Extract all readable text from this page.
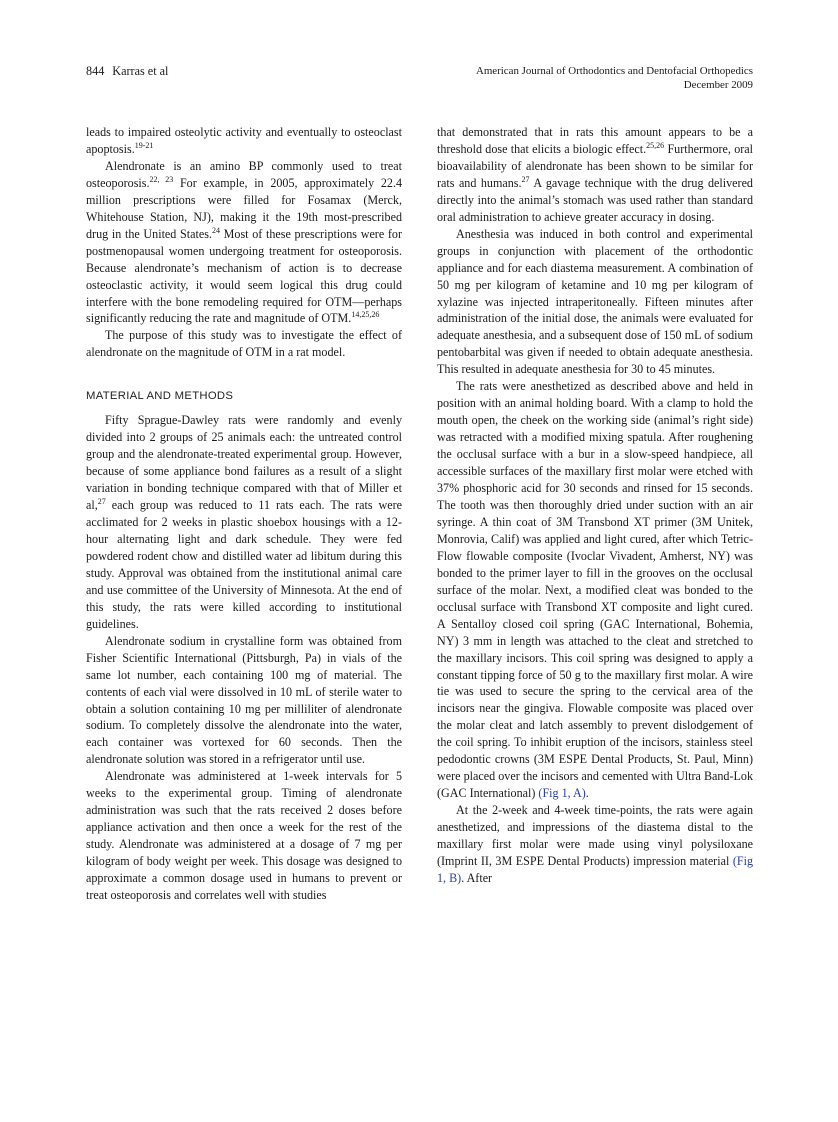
844 Karras et al	American Journal of Orthodontics and Dentofacial Orthopedics
December 2009

leads to impaired osteolytic activity and eventually to osteoclast apoptosis.$^{19-21}$

Alendronate is an amino BP commonly used to treat osteoporosis.$^{22, 23}$ For example, in 2005, approximately 22.4 million prescriptions were filled for Fosamax (Merck, Whitehouse Station, NJ), making it the 19th most-prescribed drug in the United States.$^{24}$ Most of these prescriptions were for postmenopausal women undergoing treatment for osteoporosis. Because alendronate’s mechanism of action is to decrease osteoclastic activity, it would seem logical this drug could interfere with the bone remodeling required for OTM—perhaps significantly reducing the rate and magnitude of OTM.$^{14,25,26}$

The purpose of this study was to investigate the effect of alendronate on the magnitude of OTM in a rat model.

MATERIAL AND METHODS

Fifty Sprague-Dawley rats were randomly and evenly divided into 2 groups of 25 animals each: the untreated control group and the alendronate-treated experimental group. However, because of some appliance bond failures as a result of a slight variation in bonding technique compared with that of Miller et al,$^{27}$ each group was reduced to 11 rats each. The rats were acclimated for 2 weeks in plastic shoebox housings with a 12-hour alternating light and dark schedule. They were fed powdered rodent chow and distilled water ad libitum during this study. Approval was obtained from the institutional animal care and use committee of the University of Minnesota. At the end of this study, the rats were killed according to institutional guidelines.

Alendronate sodium in crystalline form was obtained from Fisher Scientific International (Pittsburgh, Pa) in vials of the same lot number, each containing 100 mg of material. The contents of each vial were dissolved in 10 mL of sterile water to obtain a solution containing 10 mg per milliliter of alendronate sodium. To completely dissolve the alendronate into the water, each container was vortexed for 60 seconds. Then the alendronate solution was stored in a refrigerator until use.

Alendronate was administered at 1-week intervals for 5 weeks to the experimental group. Timing of alendronate administration was such that the rats received 2 doses before appliance activation and then once a week for the rest of the study. Alendronate was administered at a dosage of 7 mg per kilogram of body weight per week. This dosage was designed to approximate a common dosage used in humans to prevent or treat osteoporosis and correlates well with studies

that demonstrated that in rats this amount appears to be a threshold dose that elicits a biologic effect.$^{25,26}$ Furthermore, oral bioavailability of alendronate has been shown to be similar for rats and humans.$^{27}$ A gavage technique with the drug delivered directly into the animal’s stomach was used rather than standard oral administration to achieve greater accuracy in dosing.

Anesthesia was induced in both control and experimental groups in conjunction with placement of the orthodontic appliance and for each diastema measurement. A combination of 50 mg per kilogram of ketamine and 10 mg per kilogram of xylazine was injected intraperitoneally. Fifteen minutes after administration of the initial dose, the animals were evaluated for adequate anesthesia, and a subsequent dose of 150 mL of sodium pentobarbital was given if needed to obtain adequate anesthesia. This resulted in adequate anesthesia for 30 to 45 minutes.

The rats were anesthetized as described above and held in position with an animal holding board. With a clamp to hold the mouth open, the cheek on the working side (animal’s right side) was retracted with a modified mixing spatula. After roughening the occlusal surface with a bur in a slow-speed handpiece, all accessible surfaces of the maxillary first molar were etched with 37% phosphoric acid for 30 seconds and rinsed for 15 seconds. The tooth was then thoroughly dried under suction with an air syringe. A thin coat of 3M Transbond XT primer (3M Unitek, Monrovia, Calif) was applied and light cured, after which Tetric-Flow flowable composite (Ivoclar Vivadent, Amherst, NY) was bonded to the primer layer to fill in the grooves on the occlusal surface of the molar. Next, a modified cleat was bonded to the occlusal surface with Transbond XT composite and light cured. A Sentalloy closed coil spring (GAC International, Bohemia, NY) 3 mm in length was attached to the cleat and stretched to the maxillary incisors. This coil spring was designed to apply a constant tipping force of 50 g to the maxillary first molar. A wire tie was used to secure the spring to the cervical area of the incisors near the gingiva. Flowable composite was placed over the molar cleat and latch assembly to prevent dislodgement of the coil spring. To inhibit eruption of the incisors, stainless steel pedodontic crowns (3M ESPE Dental Products, St. Paul, Minn) were placed over the incisors and cemented with Ultra Band-Lok (GAC International) (Fig 1, A).

At the 2-week and 4-week time-points, the rats were again anesthetized, and impressions of the diastema distal to the maxillary first molar were made using vinyl polysiloxane (Imprint II, 3M ESPE Dental Products) impression material (Fig 1, B). After
